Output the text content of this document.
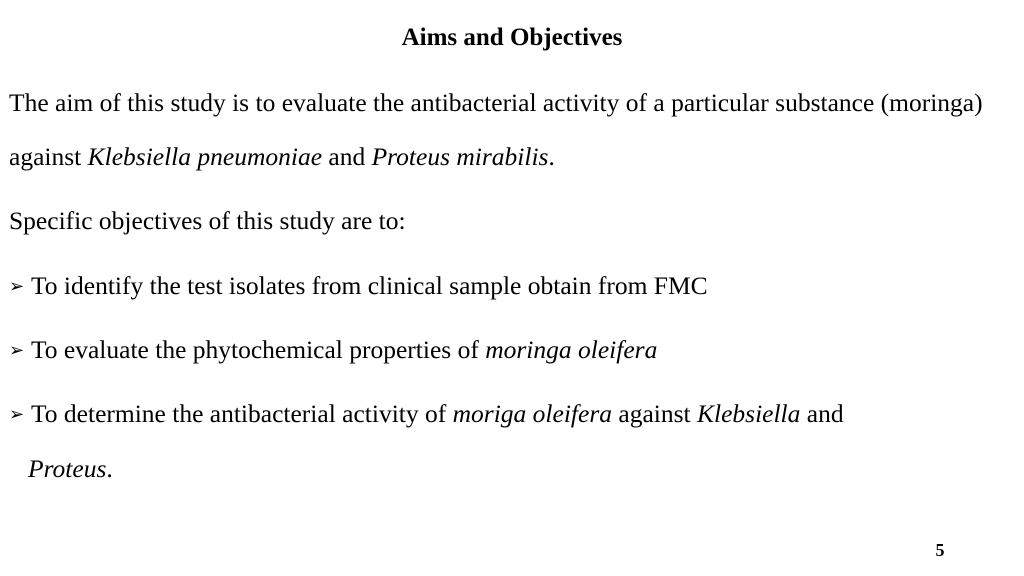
Aims and Objectives

The aim of this study is to evaluate the antibacterial activity of a particular substance (moringa) against Klebsiella pneumoniae and Proteus mirabilis.

Specific objectives of this study are to:

➢ To identify the test isolates from clinical sample obtain from FMC
➢ To evaluate the phytochemical properties of moringa oleifera
➢ To determine the antibacterial activity of moriga oleifera against Klebsiella and
Proteus.
5
